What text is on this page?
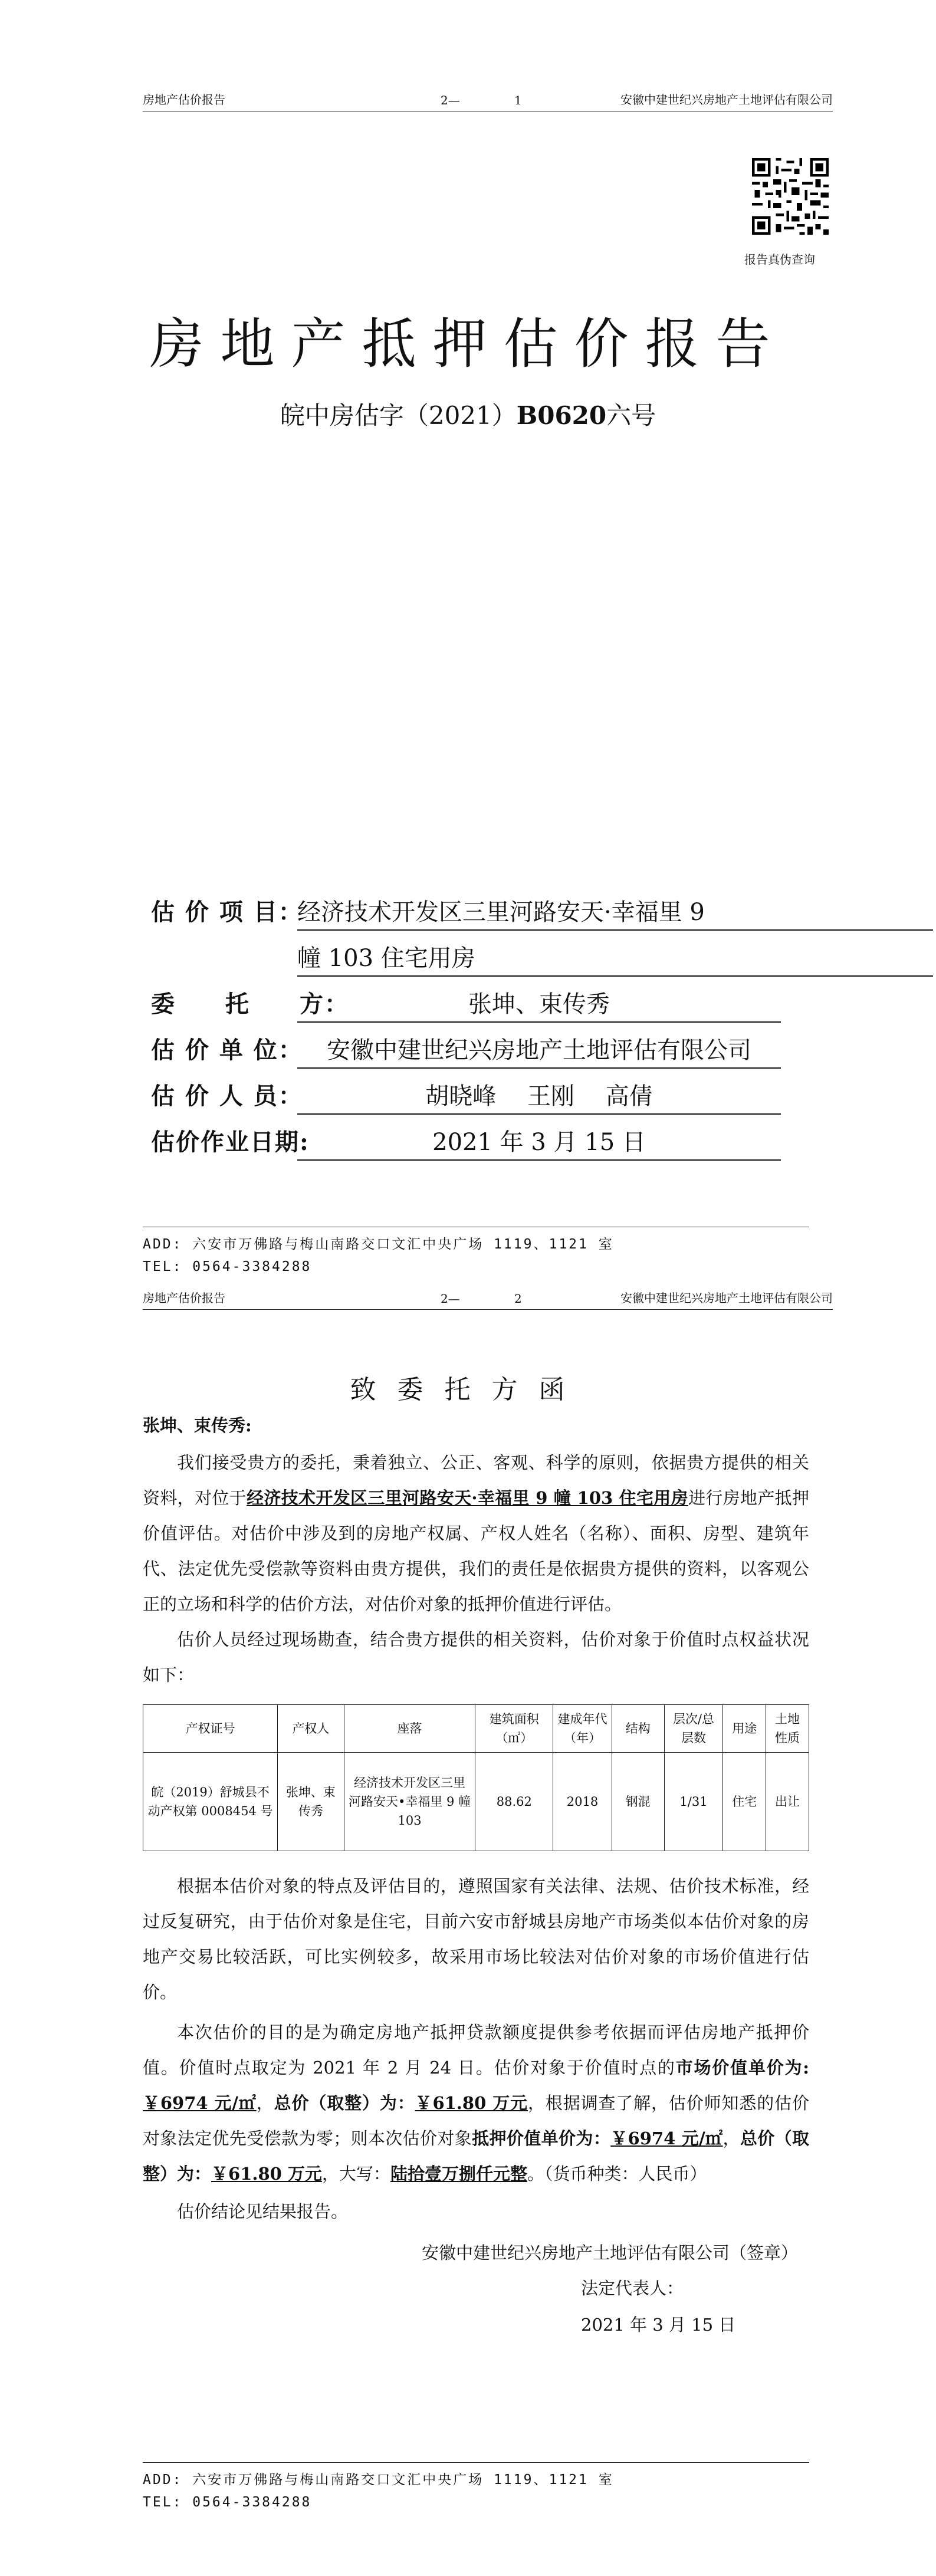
房地产估价报告	2—	1	安徽中建世纪兴房地产土地评估有限公司
报告真伪查询
房地产抵押估价报告
皖中房估字（2021）B0620六号
估 价 项 目：
经济技术开发区三里河路安天·幸福里 9
幢 103 住宅用房
委　　托　　方：	张坤、束传秀
估 价 单 位：	安徽中建世纪兴房地产土地评估有限公司
估 价 人 员：	胡晓峰　 王刚　 高倩
估价作业日期:	2021 年 3 月 15 日
ADD: 六安市万佛路与梅山南路交口文汇中央广场 1119、1121 室
TEL: 0564-3384288
房地产估价报告	2—	2	安徽中建世纪兴房地产土地评估有限公司
致委托方函
张坤、束传秀:

我们接受贵方的委托，秉着独立、公正、客观、科学的原则，依据贵方提供的相关资料，对位于经济技术开发区三里河路安天·幸福里 9 幢 103 住宅用房进行房地产抵押价值评估。对估价中涉及到的房地产权属、产权人姓名（名称）、面积、房型、建筑年代、法定优先受偿款等资料由贵方提供，我们的责任是依据贵方提供的资料，以客观公正的立场和科学的估价方法，对估价对象的抵押价值进行评估。

估价人员经过现场勘查，结合贵方提供的相关资料，估价对象于价值时点权益状况如下：

产权证号	产权人	座落	建筑面积（㎡）	建成年代（年）	结构	层次/总层数	用途	土地性质
皖（2019）舒城县不动产权第 0008454 号	张坤、束传秀	经济技术开发区三里河路安天•幸福里 9 幢 103	88.62	2018	钢混	1/31	住宅	出让

根据本估价对象的特点及评估目的，遵照国家有关法律、法规、估价技术标准，经过反复研究，由于估价对象是住宅，目前六安市舒城县房地产市场类似本估价对象的房地产交易比较活跃，可比实例较多，故采用市场比较法对估价对象的市场价值进行估价。

本次估价的目的是为确定房地产抵押贷款额度提供参考依据而评估房地产抵押价值。价值时点取定为 2021 年 2 月 24 日。估价对象于价值时点的市场价值单价为:￥6974 元/㎡，总价（取整）为：￥61.80 万元，根据调查了解，估价师知悉的估价对象法定优先受偿款为零；则本次估价对象抵押价值单价为：￥6974 元/㎡，总价（取整）为：￥61.80 万元，大写：陆拾壹万捌仟元整。（货币种类：人民币）

估价结论见结果报告。

安徽中建世纪兴房地产土地评估有限公司（签章）
法定代表人：
2021 年 3 月 15 日
ADD: 六安市万佛路与梅山南路交口文汇中央广场 1119、1121 室
TEL: 0564-3384288
